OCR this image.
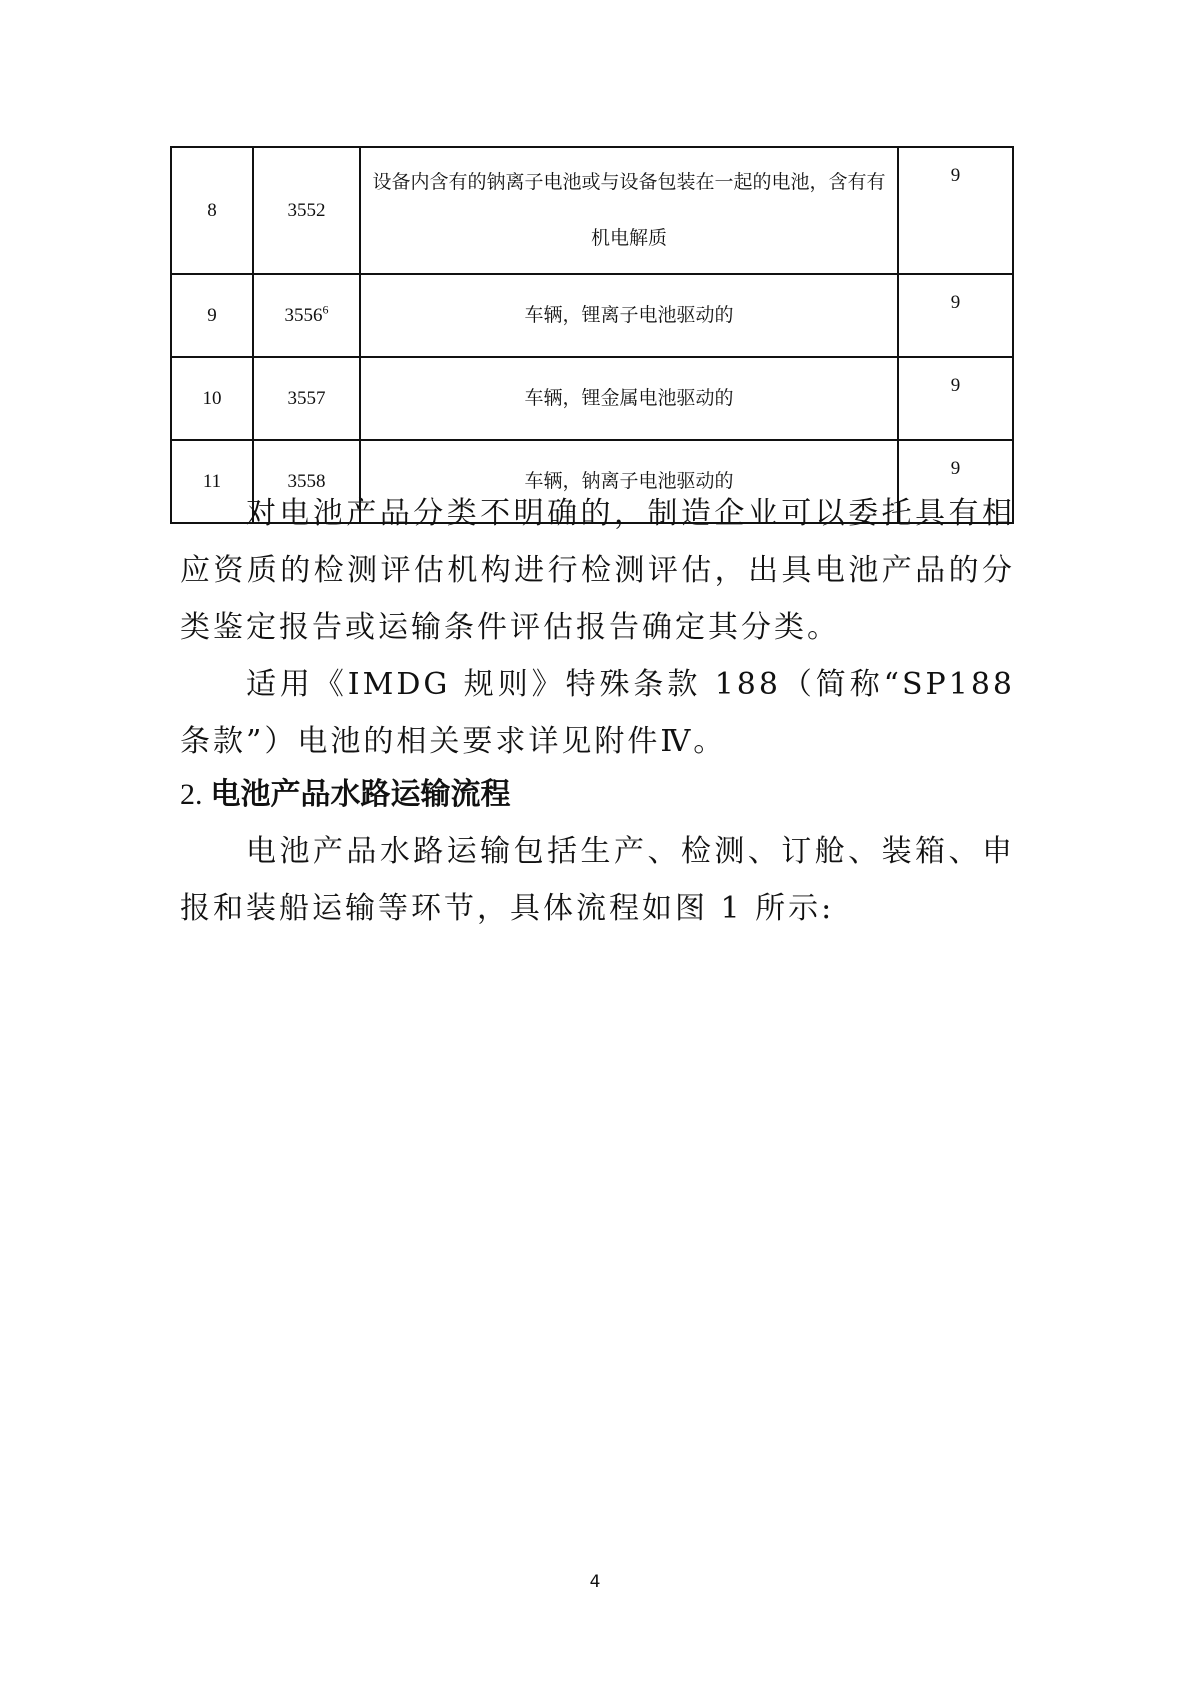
8	3552	设备内含有的钠离子电池或与设备包装在一起的电池，含有有机电解质	9
9	3556$^6$	车辆，锂离子电池驱动的	9
10	3557	车辆，锂金属电池驱动的	9
11	3558	车辆，钠离子电池驱动的	9

对电池产品分类不明确的，制造企业可以委托具有相应资质的检测评估机构进行检测评估，出具电池产品的分类鉴定报告或运输条件评估报告确定其分类。

适用《IMDG 规则》特殊条款 188（简称“SP188 条款”）电池的相关要求详见附件Ⅳ。

2. 电池产品水路运输流程

电池产品水路运输包括生产、检测、订舱、装箱、申报和装船运输等环节，具体流程如图 1 所示:

4
